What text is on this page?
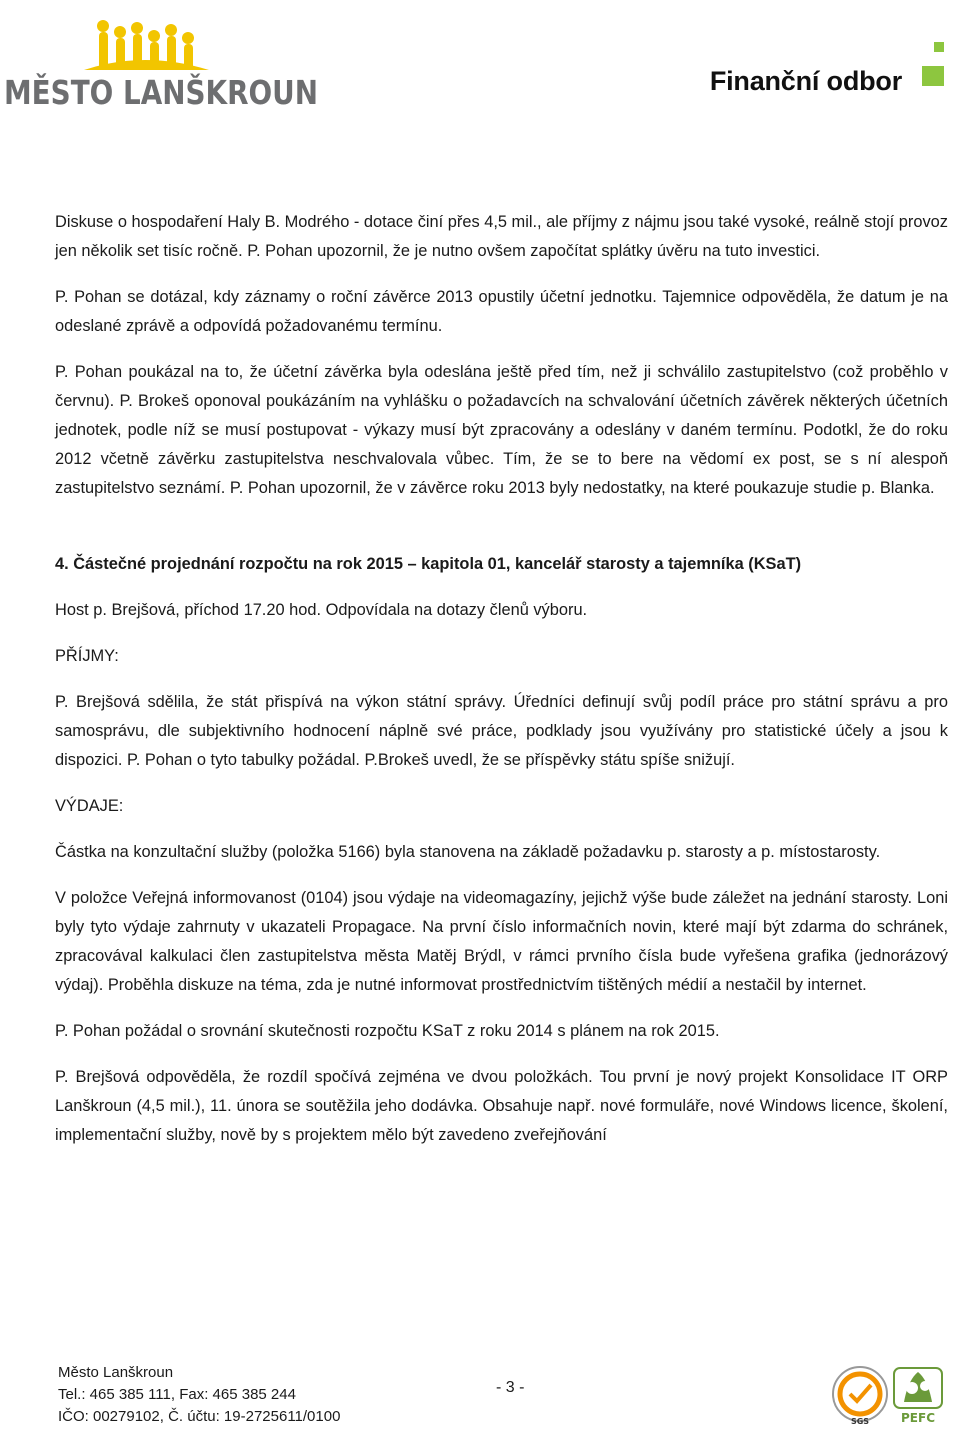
MĚSTO LANŠKROUN	Finanční odbor

Diskuse o hospodaření Haly B. Modrého - dotace činí přes 4,5 mil., ale příjmy z nájmu jsou také vysoké, reálně stojí provoz jen několik set tisíc ročně. P. Pohan upozornil, že je nutno ovšem započítat splátky úvěru na tuto investici.

P. Pohan se dotázal, kdy záznamy o roční závěrce 2013 opustily účetní jednotku. Tajemnice odpověděla, že datum je na odeslané zprávě a odpovídá požadovanému termínu.

P. Pohan poukázal na to, že účetní závěrka byla odeslána ještě před tím, než ji schválilo zastupitelstvo (což proběhlo v červnu). P. Brokeš oponoval poukázáním na vyhlášku o požadavcích na schvalování účetních závěrek některých účetních jednotek, podle níž se musí postupovat - výkazy musí být zpracovány a odeslány v daném termínu. Podotkl, že do roku 2012 včetně závěrku zastupitelstva neschvalovala vůbec. Tím, že se to bere na vědomí ex post, se s ní alespoň zastupitelstvo seznámí. P. Pohan upozornil, že v závěrce roku 2013 byly nedostatky, na které poukazuje studie p. Blanka.

4. Částečné projednání rozpočtu na rok 2015 – kapitola 01, kancelář starosty a tajemníka (KSaT)

Host p. Brejšová, příchod 17.20 hod. Odpovídala na dotazy členů výboru.

PŘÍJMY:

P. Brejšová sdělila, že stát přispívá na výkon státní správy. Úředníci definují svůj podíl práce pro státní správu a pro samosprávu, dle subjektivního hodnocení náplně své práce, podklady jsou využívány pro statistické účely a jsou k dispozici. P. Pohan o tyto tabulky požádal. P.Brokeš uvedl, že se příspěvky státu spíše snižují.

VÝDAJE:

Částka na konzultační služby (položka 5166) byla stanovena na základě požadavku p. starosty a p. místostarosty.

V položce Veřejná informovanost (0104) jsou výdaje na videomagazíny, jejichž výše bude záležet na jednání starosty. Loni byly tyto výdaje zahrnuty v ukazateli Propagace. Na první číslo informačních novin, které mají být zdarma do schránek, zpracovával kalkulaci člen zastupitelstva města Matěj Brýdl, v rámci prvního čísla bude vyřešena grafika (jednorázový výdaj). Proběhla diskuze na téma, zda je nutné informovat prostřednictvím tištěných médií a nestačil by internet.

P. Pohan požádal o srovnání skutečnosti rozpočtu KSaT z roku 2014 s plánem na rok 2015.

P. Brejšová odpověděla, že rozdíl spočívá zejména ve dvou položkách. Tou první je nový projekt Konsolidace IT ORP Lanškroun (4,5 mil.), 11. února se soutěžila jeho dodávka. Obsahuje např. nové formuláře, nové Windows licence, školení, implementační služby, nově by s projektem mělo být zavedeno zveřejňování

Město Lanškroun
Tel.: 465 385 111, Fax: 465 385 244
IČO: 00279102, Č. účtu: 19-2725611/0100
- 3 -
SGS	PEFC
